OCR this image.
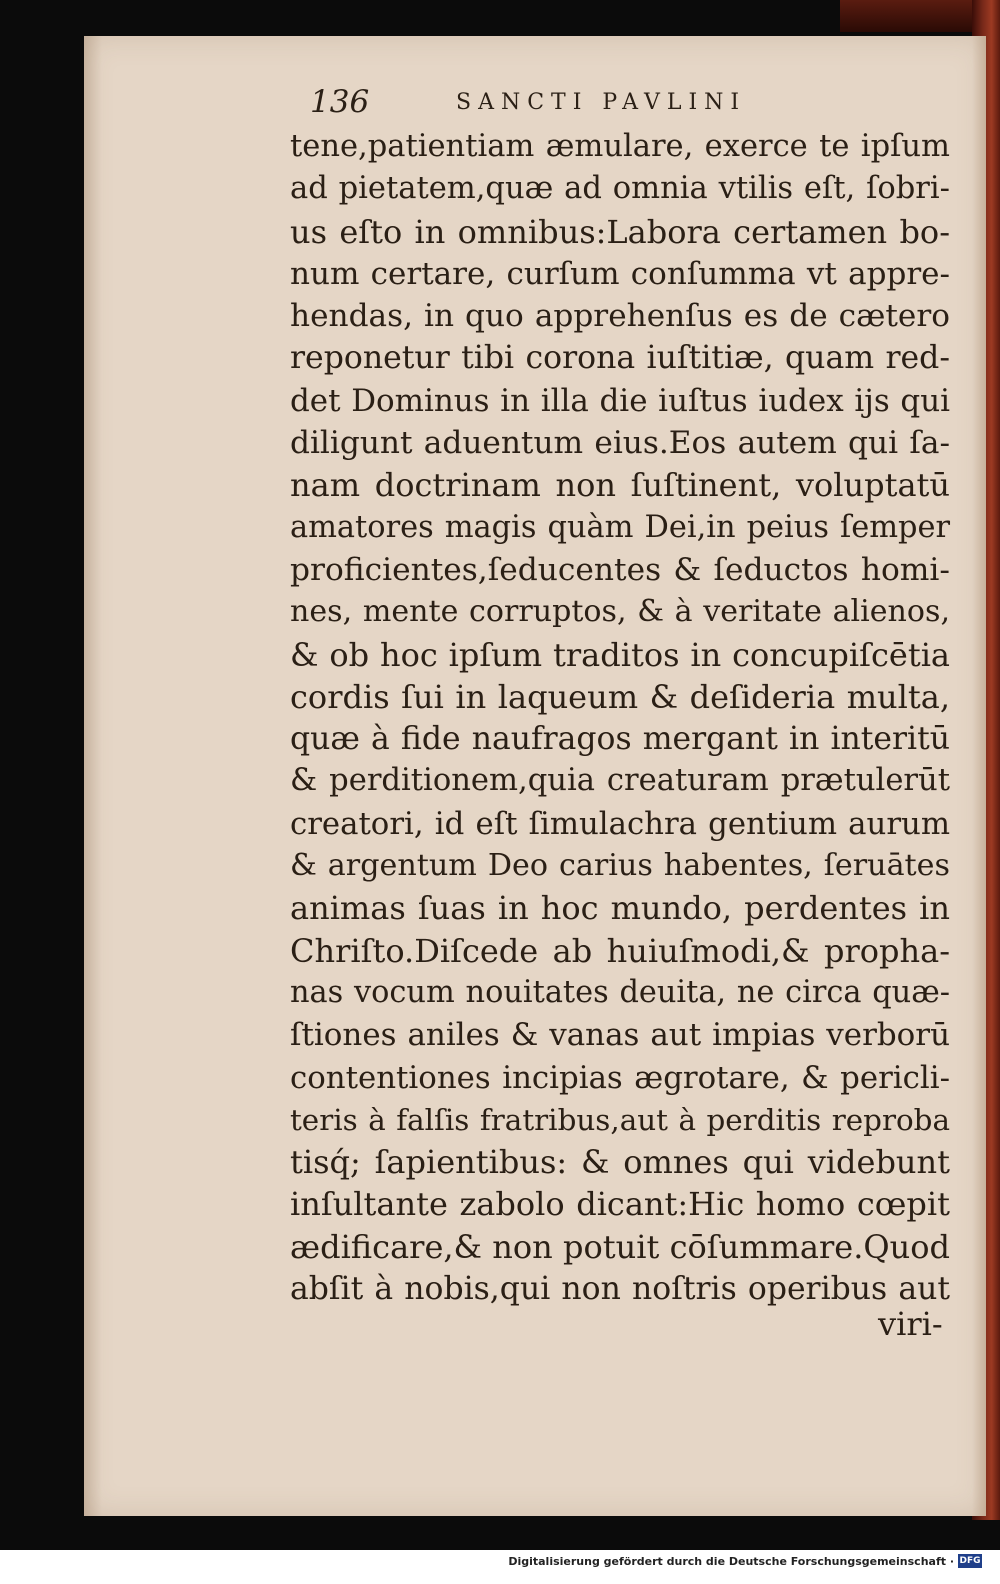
136	SANCTI PAVLINI
tene,patientiam æmulare, exerce te ipſum
ad pietatem,quæ ad omnia vtilis eſt, ſobri-
us eſto in omnibus:Labora certamen bo-
num certare, curſum conſumma vt appre-
hendas, in quo apprehenſus es de cætero
reponetur tibi corona iuſtitiæ, quam red-
det Dominus in illa die iuſtus iudex ijs qui
diligunt aduentum eius.Eos autem qui ſa-
nam doctrinam non ſuſtinent, voluptatū
amatores magis quàm Dei,in peius ſemper
proficientes,ſeducentes & ſeductos homi-
nes, mente corruptos, & à veritate alienos,
& ob hoc ipſum traditos in concupiſcētia
cordis ſui in laqueum & deſideria multa,
quæ à fide naufragos mergant in interitū
& perditionem,quia creaturam prætulerūt
creatori, id eſt ſimulachra gentium aurum
& argentum Deo carius habentes, ſeruātes
animas ſuas in hoc mundo, perdentes in
Chriſto.Diſcede ab huiuſmodi,& propha-
nas vocum nouitates deuita, ne circa quæ-
ſtiones aniles & vanas aut impias verborū
contentiones incipias ægrotare, & pericli-
teris à falſis fratribus,aut à perditis reproba
tisq́; ſapientibus: & omnes qui videbunt
inſultante zabolo dicant:Hic homo cœpit
ædificare,& non potuit cōſummare.Quod
abſit à nobis,qui non noſtris operibus aut
viri-
Digitalisierung gefördert durch die Deutsche Forschungsgemeinschaft · DFG
